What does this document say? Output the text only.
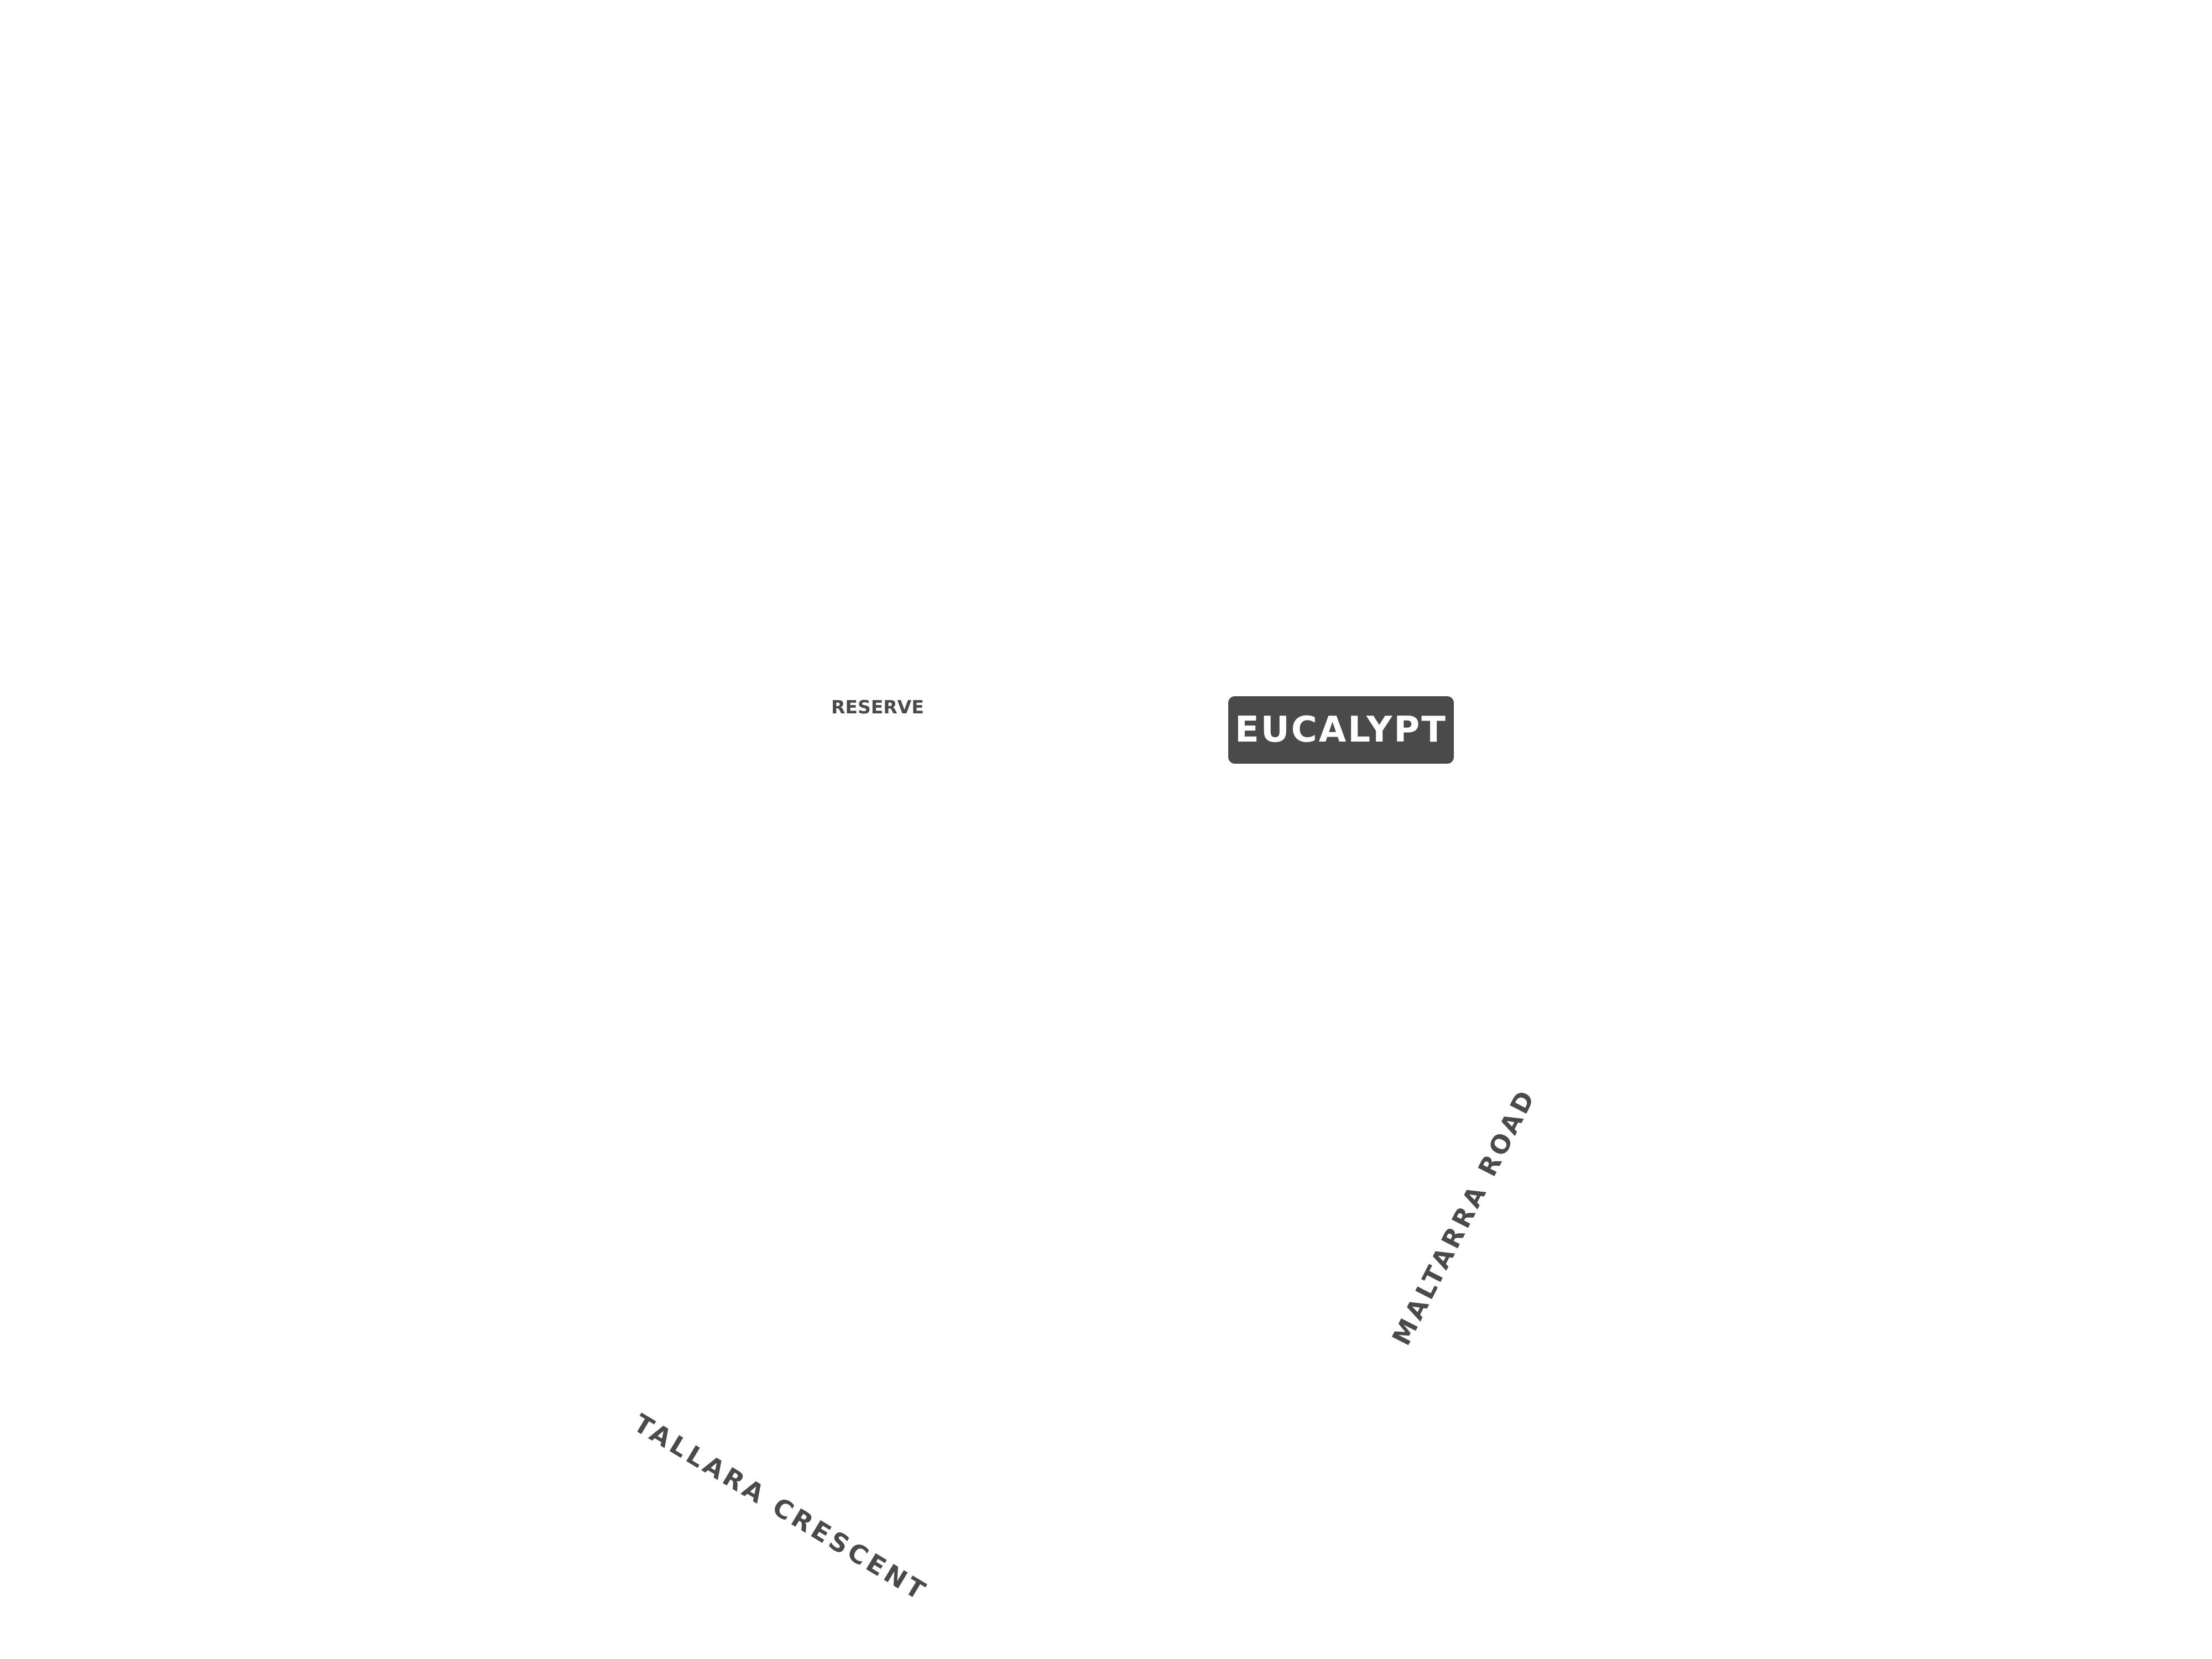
RESERVE
EUCALYPT
MALTARRA ROAD
TALLARA CRESCENT
